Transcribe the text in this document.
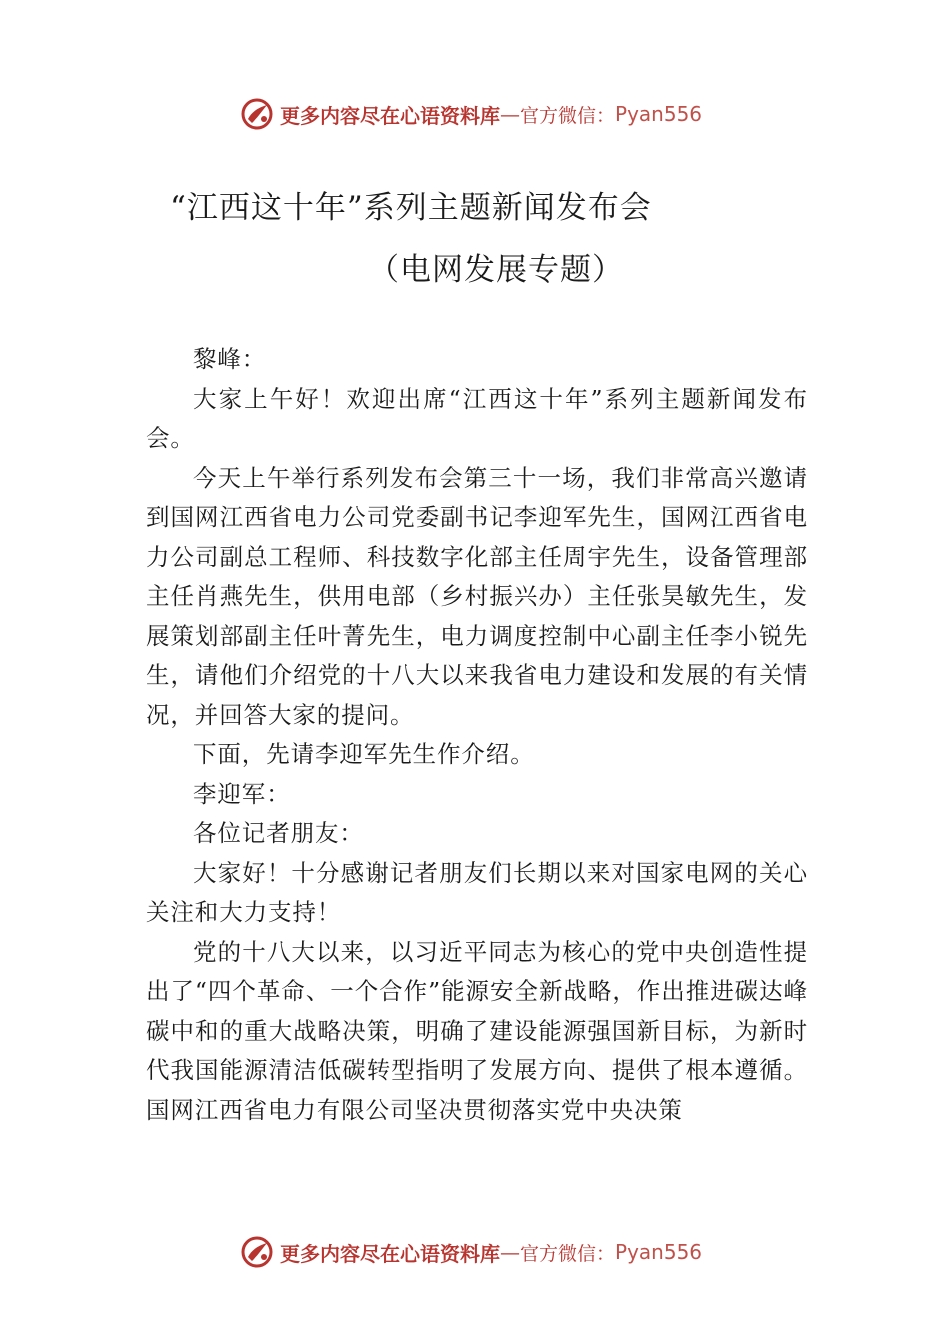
更多内容尽在心语资料库 — 官方微信： Pyan556
“江西这十年”系列主题新闻发布会
（电网发展专题）

黎峰：

大家上午好！欢迎出席“江西这十年”系列主题新闻发布会。

今天上午举行系列发布会第三十一场，我们非常高兴邀请到国网江西省电力公司党委副书记李迎军先生，国网江西省电力公司副总工程师、科技数字化部主任周宇先生，设备管理部主任肖燕先生，供用电部（乡村振兴办）主任张昊敏先生，发展策划部副主任叶菁先生，电力调度控制中心副主任李小锐先生，请他们介绍党的十八大以来我省电力建设和发展的有关情况，并回答大家的提问。

下面，先请李迎军先生作介绍。

李迎军：

各位记者朋友：

大家好！十分感谢记者朋友们长期以来对国家电网的关心关注和大力支持！

党的十八大以来，以习近平同志为核心的党中央创造性提出了“四个革命、一个合作”能源安全新战略，作出推进碳达峰碳中和的重大战略决策，明确了建设能源强国新目标，为新时代我国能源清洁低碳转型指明了发展方向、提供了根本遵循。国网江西省电力有限公司坚决贯彻落实党中央决策

更多内容尽在心语资料库 — 官方微信： Pyan556
